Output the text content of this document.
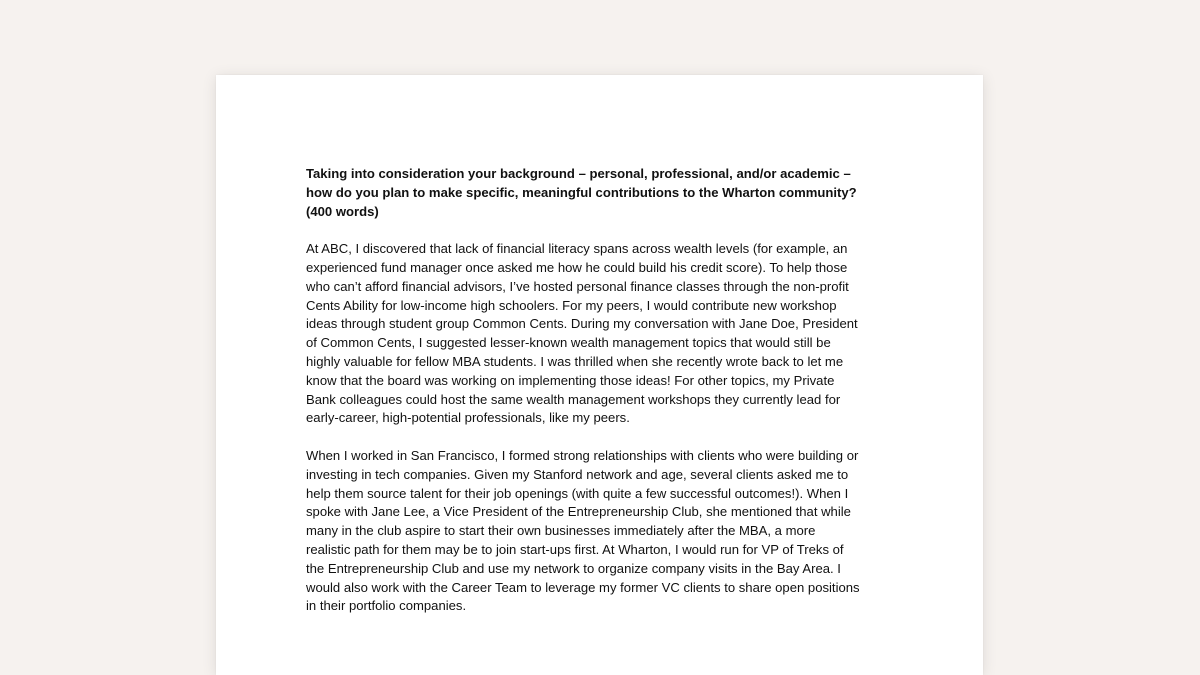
Taking into consideration your background – personal, professional, and/or academic –
how do you plan to make specific, meaningful contributions to the Wharton community?
(400 words)

At ABC, I discovered that lack of financial literacy spans across wealth levels (for example, an
experienced fund manager once asked me how he could build his credit score). To help those
who can’t afford financial advisors, I’ve hosted personal finance classes through the non-profit
Cents Ability for low-income high schoolers. For my peers, I would contribute new workshop
ideas through student group Common Cents. During my conversation with Jane Doe, President
of Common Cents, I suggested lesser-known wealth management topics that would still be
highly valuable for fellow MBA students. I was thrilled when she recently wrote back to let me
know that the board was working on implementing those ideas! For other topics, my Private
Bank colleagues could host the same wealth management workshops they currently lead for
early-career, high-potential professionals, like my peers.

When I worked in San Francisco, I formed strong relationships with clients who were building or
investing in tech companies. Given my Stanford network and age, several clients asked me to
help them source talent for their job openings (with quite a few successful outcomes!). When I
spoke with Jane Lee, a Vice President of the Entrepreneurship Club, she mentioned that while
many in the club aspire to start their own businesses immediately after the MBA, a more
realistic path for them may be to join start-ups first. At Wharton, I would run for VP of Treks of
the Entrepreneurship Club and use my network to organize company visits in the Bay Area. I
would also work with the Career Team to leverage my former VC clients to share open positions
in their portfolio companies.
